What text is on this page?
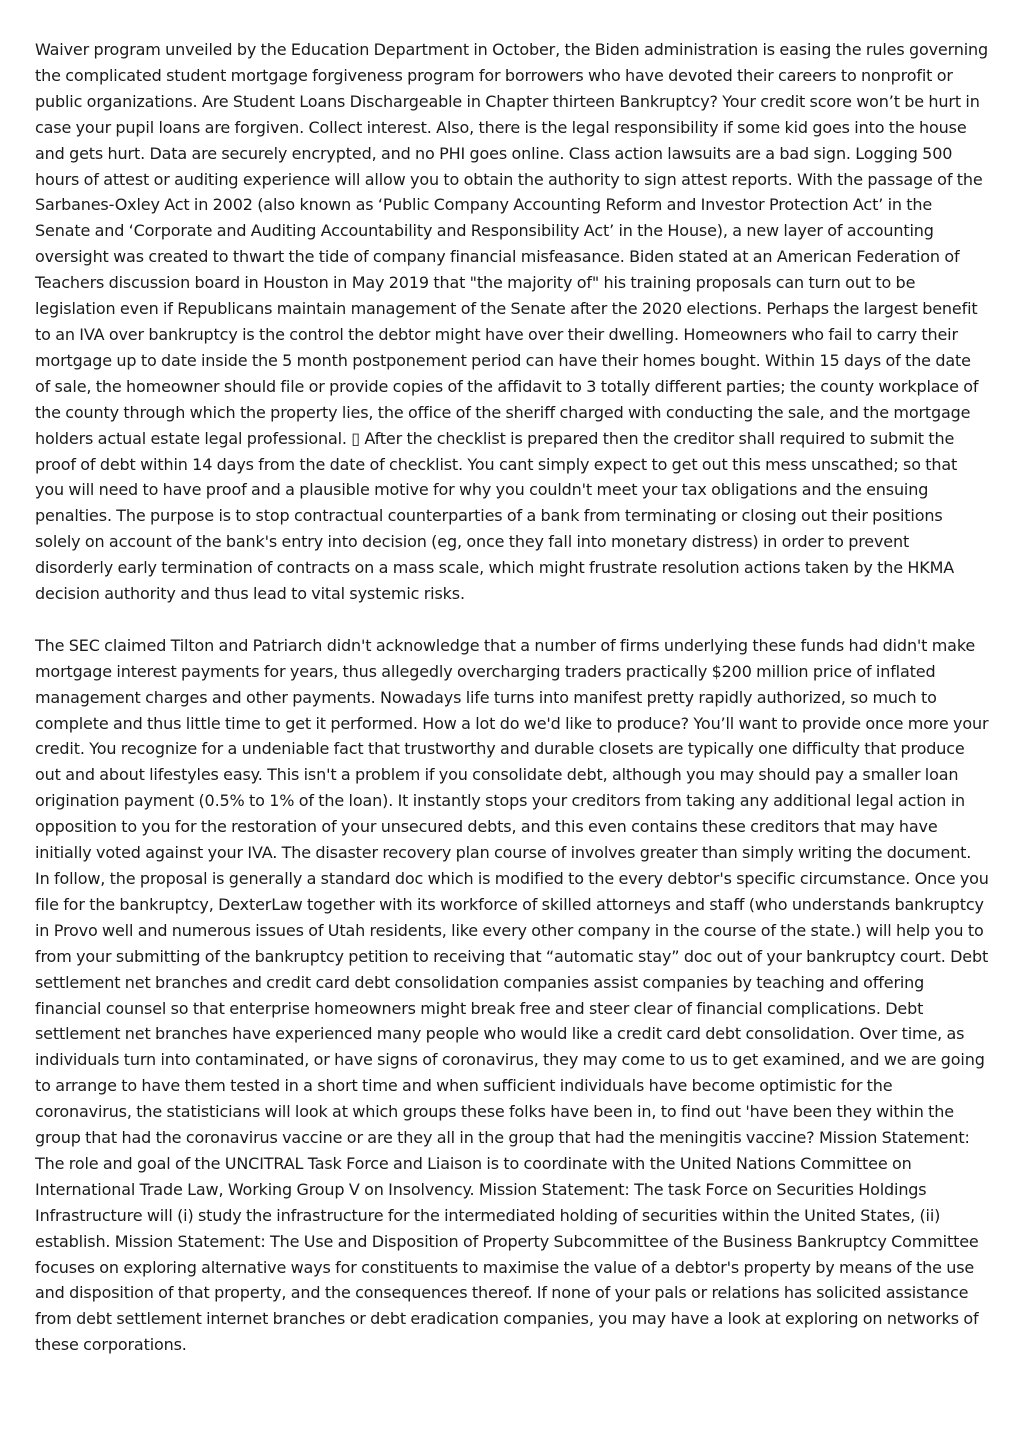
Waiver program unveiled by the Education Department in October, the Biden administration is easing the rules governing the complicated student mortgage forgiveness program for borrowers who have devoted their careers to nonprofit or public organizations. Are Student Loans Dischargeable in Chapter thirteen Bankruptcy? Your credit score won’t be hurt in case your pupil loans are forgiven. Collect interest. Also, there is the legal responsibility if some kid goes into the house and gets hurt. Data are securely encrypted, and no PHI goes online. Class action lawsuits are a bad sign. Logging 500 hours of attest or auditing experience will allow you to obtain the authority to sign attest reports. With the passage of the Sarbanes-Oxley Act in 2002 (also known as ‘Public Company Accounting Reform and Investor Protection Act’ in the Senate and ‘Corporate and Auditing Accountability and Responsibility Act’ in the House), a new layer of accounting oversight was created to thwart the tide of company financial misfeasance. Biden stated at an American Federation of Teachers discussion board in Houston in May 2019 that "the majority of" his training proposals can turn out to be legislation even if Republicans maintain management of the Senate after the 2020 elections. Perhaps the largest benefit to an IVA over bankruptcy is the control the debtor might have over their dwelling. Homeowners who fail to carry their mortgage up to date inside the 5 month postponement period can have their homes bought. Within 15 days of the date of sale, the homeowner should file or provide copies of the affidavit to 3 totally different parties; the county workplace of the county through which the property lies, the office of the sheriff charged with conducting the sale, and the mortgage holders actual estate legal professional. ▯ After the checklist is prepared then the creditor shall required to submit the proof of debt within 14 days from the date of checklist. You cant simply expect to get out this mess unscathed; so that you will need to have proof and a plausible motive for why you couldn't meet your tax obligations and the ensuing penalties. The purpose is to stop contractual counterparties of a bank from terminating or closing out their positions solely on account of the bank's entry into decision (eg, once they fall into monetary distress) in order to prevent disorderly early termination of contracts on a mass scale, which might frustrate resolution actions taken by the HKMA decision authority and thus lead to vital systemic risks.

The SEC claimed Tilton and Patriarch didn't acknowledge that a number of firms underlying these funds had didn't make mortgage interest payments for years, thus allegedly overcharging traders practically $200 million price of inflated management charges and other payments. Nowadays life turns into manifest pretty rapidly authorized, so much to complete and thus little time to get it performed. How a lot do we'd like to produce? You’ll want to provide once more your credit. You recognize for a undeniable fact that trustworthy and durable closets are typically one difficulty that produce out and about lifestyles easy. This isn't a problem if you consolidate debt, although you may should pay a smaller loan origination payment (0.5% to 1% of the loan). It instantly stops your creditors from taking any additional legal action in opposition to you for the restoration of your unsecured debts, and this even contains these creditors that may have initially voted against your IVA. The disaster recovery plan course of involves greater than simply writing the document. In follow, the proposal is generally a standard doc which is modified to the every debtor's specific circumstance. Once you file for the bankruptcy, DexterLaw together with its workforce of skilled attorneys and staff (who understands bankruptcy in Provo well and numerous issues of Utah residents, like every other company in the course of the state.) will help you to from your submitting of the bankruptcy petition to receiving that “automatic stay” doc out of your bankruptcy court. Debt settlement net branches and credit card debt consolidation companies assist companies by teaching and offering financial counsel so that enterprise homeowners might break free and steer clear of financial complications. Debt settlement net branches have experienced many people who would like a credit card debt consolidation. Over time, as individuals turn into contaminated, or have signs of coronavirus, they may come to us to get examined, and we are going to arrange to have them tested in a short time and when sufficient individuals have become optimistic for the coronavirus, the statisticians will look at which groups these folks have been in, to find out 'have been they within the group that had the coronavirus vaccine or are they all in the group that had the meningitis vaccine? Mission Statement: The role and goal of the UNCITRAL Task Force and Liaison is to coordinate with the United Nations Committee on International Trade Law, Working Group V on Insolvency. Mission Statement: The task Force on Securities Holdings Infrastructure will (i) study the infrastructure for the intermediated holding of securities within the United States, (ii) establish. Mission Statement: The Use and Disposition of Property Subcommittee of the Business Bankruptcy Committee focuses on exploring alternative ways for constituents to maximise the value of a debtor's property by means of the use and disposition of that property, and the consequences thereof. If none of your pals or relations has solicited assistance from debt settlement internet branches or debt eradication companies, you may have a look at exploring on networks of these corporations.
